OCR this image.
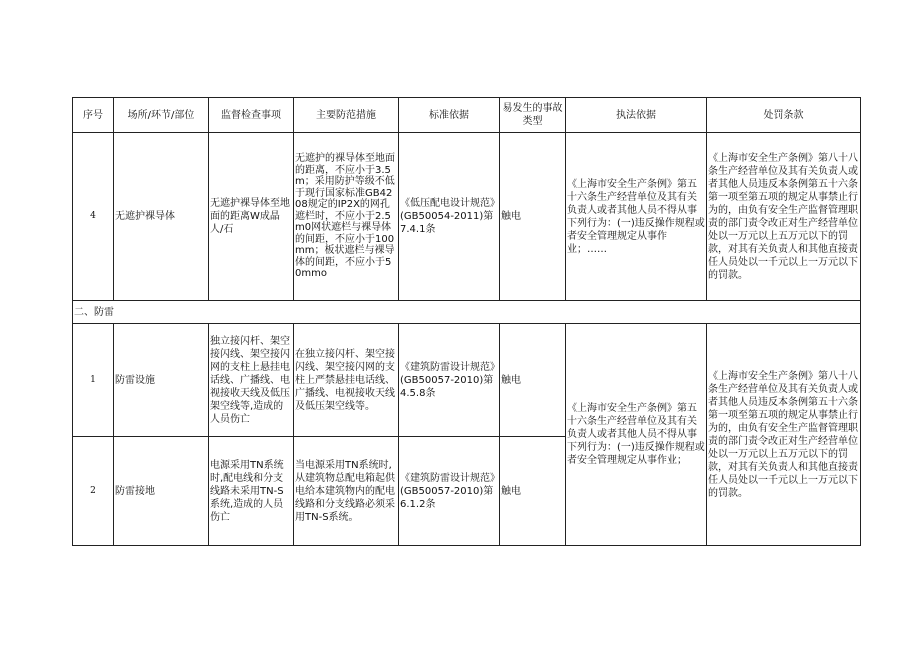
序号	场所/环节/部位	监督检查事项	主要防范措施	标准依据	易发生的事故类型	执法依据	处罚条款
4	无遮护裸导体	无遮护裸导体至地面的距离W成晶人/石	无遮护的裸导体至地面的距离，不应小于3.5m；采用防护等级不低于现行国家标准GB4208规定的IP2X的网孔遮栏时，不应小于2.5m0网状遮栏与裸导体的间距，不应小于100mm；板状遮栏与裸导体的间距，不应小于50mmo	《低压配电设计规范》(GB50054-2011)第7.4.1条	触电	《上海市安全生产条例》第五十六条生产经营单位及其有关负责人或者其他人员不得从事下列行为：(一)违反操作规程或者安全管理规定从事作业；……	《上海市安全生产条例》第八十八条生产经营单位及其有关负责人或者其他人员违反本条例第五十六条第一项至第五项的规定从事禁止行为的，由负有安全生产监督管理职责的部门责令改正对生产经营单位处以一万元以上五万元以下的罚款，对其有关负责人和其他直接责任人员处以一千元以上一万元以下的罚款。
二、防雷							
1	防雷设施	独立接闪杆、架空接闪线、架空接闪网的支柱上悬挂电话线、广播线、电视接收天线及低压架空线等,造成的人员伤亡	在独立接闪杆、架空接闪线、架空接闪网的支柱上严禁悬挂电话线、广播线、电视接收天线及低压架空线等。	《建筑防雷设计规范》(GB50057-2010)第4.5.8条	触电	《上海市安全生产条例》第五十六条生产经营单位及其有关负责人或者其他人员不得从事下列行为：(一)违反操作规程或者安全管理规定从事作业；	《上海市安全生产条例》第八十八条生产经营单位及其有关负责人或者其他人员违反本条例第五十六条第一项至第五项的规定从事禁止行为的，由负有安全生产监督管理职责的部门责令改正对生产经营单位处以一万元以上五万元以下的罚款，对其有关负责人和其他直接责任人员处以一千元以上一万元以下的罚款。
2	防雷接地	电源采用TN系统时,配电线和分支线路未采用TN-S系统,造成的人员伤亡	当电源采用TN系统时,从建筑物总配电箱起供电给本建筑物内的配电线路和分支线路必须采用TN-S系统。	《建筑防雷设计规范》(GB50057-2010)第6.1.2条	触电		
